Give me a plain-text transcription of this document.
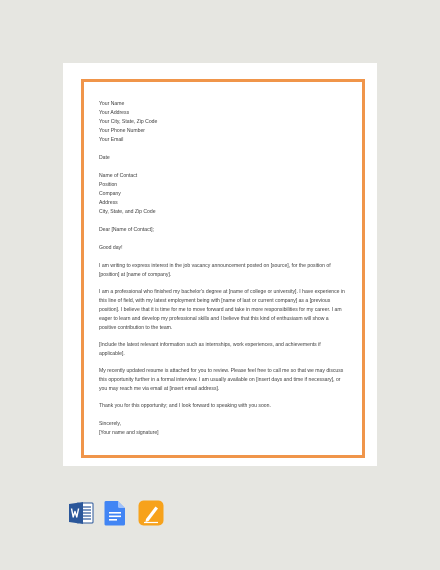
Your Name

Your Address

Your City, State, Zip Code

Your Phone Number

Your Email

Date

Name of Contact

Position

Company

Address

City, State, and Zip Code

Dear [Name of Contact];

Good day!

I am writing to express interest in the job vacancy announcement posted on [source], for the position of [position] at [name of company].

I am a professional who finished my bachelor's degree at [name of college or university]. I have experience in this line of field, with my latest employment being with [name of last or current company] as a [previous position]. I believe that it is time for me to move forward and take in more responsibilities for my career. I am eager to learn and develop my professional skills and I believe that this kind of enthusiasm will show a positive contribution to the team.

[Include the latest relevant information such as internships, work experiences, and achievements if applicable].

My recently updated resume is attached for you to review. Please feel free to call me so that we may discuss this opportunity further in a formal interview. I am usually available on [insert days and time if necessary], or you may reach me via email at [insert email address].

Thank you for this opportunity; and I look forward to speaking with you soon.

Sincerely,

[Your name and signature]
